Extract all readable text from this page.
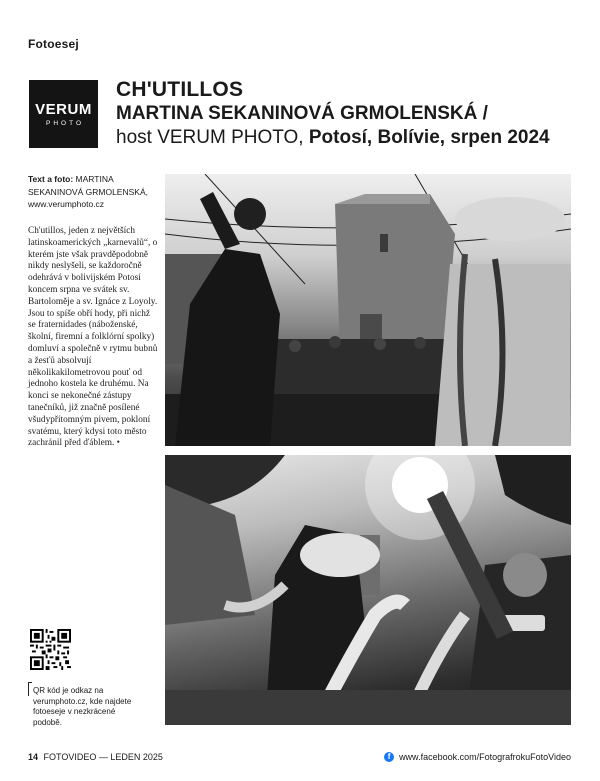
Fotoesej
VERUM
PHOTO
CH'UTILLOS
MARTINA SEKANINOVÁ GRMOLENSKÁ /
host VERUM PHOTO, Potosí, Bolívie, srpen 2024
Text a foto: MARTINA SEKANINOVÁ GRMOLENSKÁ,
www.verumphoto.cz
Ch'utillos, jeden z největších latinskoamerických „karnevalů“, o kterém jste však pravděpodobně nikdy neslyšeli, se každoročně odehrává v bolivijském Potosí koncem srpna ve svátek sv. Bartoloměje a sv. Ignáce z Loyoly. Jsou to spíše obří hody, při nichž se fraternidades (náboženské, školní, firemní a folklórní spolky) domluví a společně v rytmu bubnů a žesťů absolvují několikakilometrovou pouť od jednoho kostela ke druhému. Na konci se nekonečné zástupy tanečníků, již značně posílené všudypřítomným pivem, pokloní svatému, který kdysi toto město zachránil před ďáblem. •
QR kód je odkaz na verumphoto.cz, kde najdete fotoeseje v nezkrácené podobě.
14 FOTOVIDEO — LEDEN 2025	f www.facebook.com/FotografrokuFotoVideo
